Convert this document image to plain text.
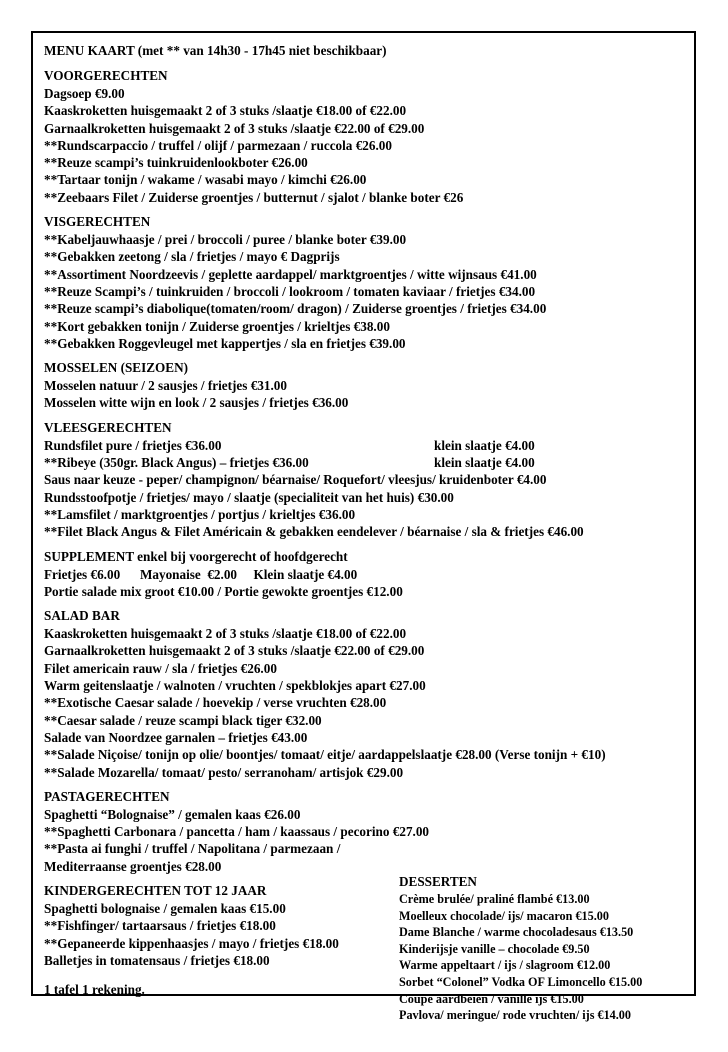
MENU KAART (met ** van 14h30 - 17h45 niet beschikbaar)
VOORGERECHTEN
Dagsoep €9.00
Kaaskroketten huisgemaakt 2 of 3 stuks /slaatje €18.00 of €22.00
Garnaalkroketten huisgemaakt 2 of 3 stuks /slaatje €22.00 of €29.00
**Rundscarpaccio / truffel / olijf / parmezaan / ruccola €26.00
**Reuze scampi’s tuinkruidenlookboter €26.00
**Tartaar tonijn / wakame / wasabi mayo / kimchi €26.00
**Zeebaars Filet / Zuiderse groentjes / butternut / sjalot / blanke boter €26
VISGERECHTEN
**Kabeljauwhaasje / prei / broccoli / puree / blanke boter €39.00
**Gebakken zeetong / sla / frietjes / mayo € Dagprijs
**Assortiment Noordzeevis / geplette aardappel/ marktgroentjes / witte wijnsaus €41.00
**Reuze Scampi’s / tuinkruiden / broccoli / lookroom / tomaten kaviaar / frietjes €34.00
**Reuze scampi’s diabolique(tomaten/room/ dragon) / Zuiderse groentjes / frietjes €34.00
**Kort gebakken tonijn / Zuiderse groentjes / krieltjes €38.00
**Gebakken Roggevleugel met kappertjes / sla en frietjes €39.00
MOSSELEN (SEIZOEN)
Mosselen natuur / 2 sausjes / frietjes €31.00
Mosselen witte wijn en look / 2 sausjes / frietjes €36.00
VLEESGERECHTEN
Rundsfilet pure / frietjes €36.00	klein slaatje €4.00
**Ribeye (350gr. Black Angus) – frietjes €36.00	klein slaatje €4.00
Saus naar keuze - peper/ champignon/ béarnaise/ Roquefort/ vleesjus/ kruidenboter €4.00
Rundsstoofpotje / frietjes/ mayo / slaatje (specialiteit van het huis) €30.00
**Lamsfilet / marktgroentjes / portjus / krieltjes €36.00
**Filet Black Angus & Filet Américain & gebakken eendelever / béarnaise / sla & frietjes €46.00
SUPPLEMENT enkel bij voorgerecht of hoofdgerecht
Frietjes €6.00      Mayonaise  €2.00     Klein slaatje €4.00
Portie salade mix groot €10.00 / Portie gewokte groentjes €12.00
SALAD BAR
Kaaskroketten huisgemaakt 2 of 3 stuks /slaatje €18.00 of €22.00
Garnaalkroketten huisgemaakt 2 of 3 stuks /slaatje €22.00 of €29.00
Filet americain rauw / sla / frietjes €26.00
Warm geitenslaatje / walnoten / vruchten / spekblokjes apart €27.00
**Exotische Caesar salade / hoevekip / verse vruchten €28.00
**Caesar salade / reuze scampi black tiger €32.00
Salade van Noordzee garnalen – frietjes €43.00
**Salade Niçoise/ tonijn op olie/ boontjes/ tomaat/ eitje/ aardappelslaatje €28.00 (Verse tonijn + €10)
**Salade Mozarella/ tomaat/ pesto/ serranoham/ artisjok €29.00
PASTAGERECHTEN
Spaghetti “Bolognaise” / gemalen kaas €26.00
**Spaghetti Carbonara / pancetta / ham / kaassaus / pecorino €27.00
**Pasta ai funghi / truffel / Napolitana / parmezaan /
Mediterraanse groentjes €28.00
KINDERGERECHTEN TOT 12 JAAR
Spaghetti bolognaise / gemalen kaas €15.00
**Fishfinger/ tartaarsaus / frietjes €18.00
**Gepaneerde kippenhaasjes / mayo / frietjes €18.00
Balletjes in tomatensaus / frietjes €18.00
1 tafel 1 rekening.
DESSERTEN
Crème brulée/ praliné flambé €13.00
Moelleux chocolade/ ijs/ macaron €15.00
Dame Blanche / warme chocoladesaus €13.50
Kinderijsje vanille – chocolade €9.50
Warme appeltaart / ijs / slagroom €12.00
Sorbet “Colonel” Vodka OF Limoncello €15.00
Coupe aardbeien / vanille ijs €15.00
Pavlova/ meringue/ rode vruchten/ ijs €14.00
